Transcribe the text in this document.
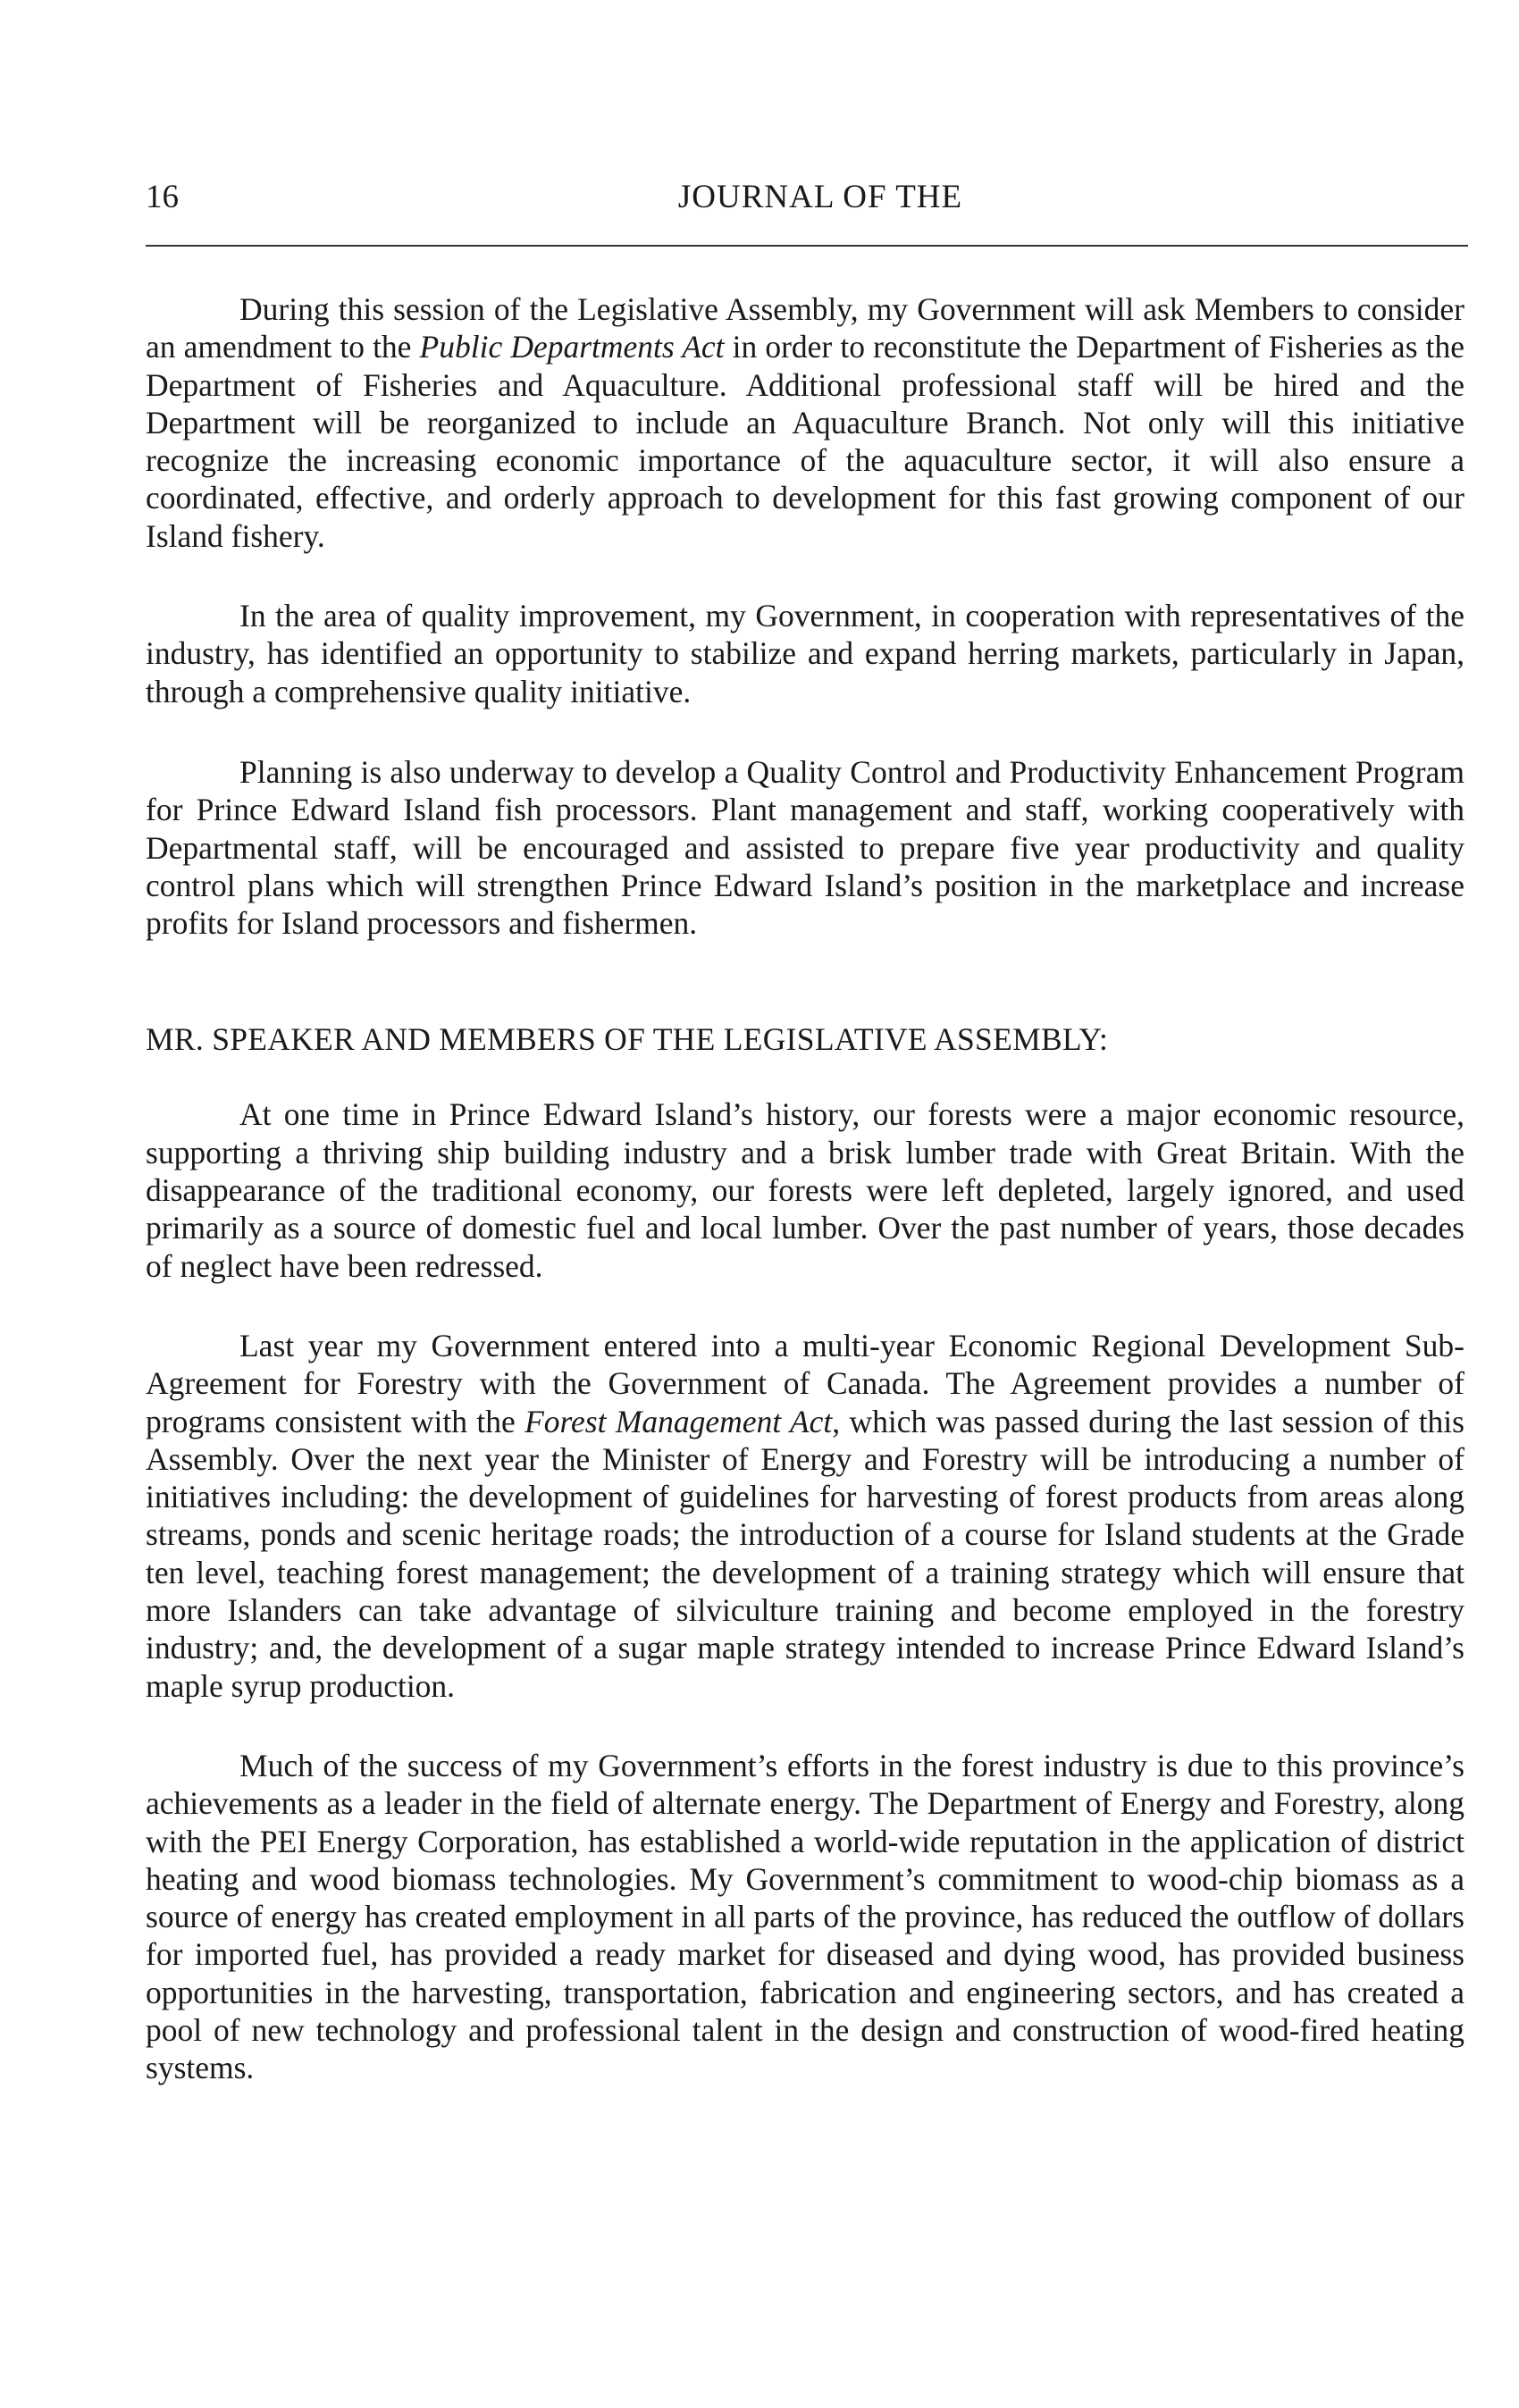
16	JOURNAL OF THE

During this session of the Legislative Assembly, my Government will ask Members to consider an amendment to the Public Departments Act in order to reconstitute the Department of Fisheries as the Department of Fisheries and Aquaculture. Additional professional staff will be hired and the Department will be reorganized to include an Aquaculture Branch. Not only will this initiative recognize the increasing economic importance of the aquaculture sector, it will also ensure a coordinated, effective, and orderly approach to development for this fast growing component of our Island fishery.

In the area of quality improvement, my Government, in cooperation with representatives of the industry, has identified an opportunity to stabilize and expand herring markets, particularly in Japan, through a comprehensive quality initiative.

Planning is also underway to develop a Quality Control and Productivity Enhancement Program for Prince Edward Island fish processors. Plant management and staff, working cooperatively with Departmental staff, will be encouraged and assisted to prepare five year productivity and quality control plans which will strengthen Prince Edward Island’s position in the marketplace and increase profits for Island processors and fishermen.

MR. SPEAKER AND MEMBERS OF THE LEGISLATIVE ASSEMBLY:

At one time in Prince Edward Island’s history, our forests were a major economic resource, supporting a thriving ship building industry and a brisk lumber trade with Great Britain. With the disappearance of the traditional economy, our forests were left depleted, largely ignored, and used primarily as a source of domestic fuel and local lumber. Over the past number of years, those decades of neglect have been redressed.

Last year my Government entered into a multi-year Economic Regional Development Sub-Agreement for Forestry with the Government of Canada. The Agreement provides a number of programs consistent with the Forest Management Act, which was passed during the last session of this Assembly. Over the next year the Minister of Energy and Forestry will be introducing a number of initiatives including: the development of guidelines for harvesting of forest products from areas along streams, ponds and scenic heritage roads; the introduction of a course for Island students at the Grade ten level, teaching forest management; the development of a training strategy which will ensure that more Islanders can take advantage of silviculture training and become employed in the forestry industry; and, the development of a sugar maple strategy intended to increase Prince Edward Island’s maple syrup production.

Much of the success of my Government’s efforts in the forest industry is due to this province’s achievements as a leader in the field of alternate energy. The Department of Energy and Forestry, along with the PEI Energy Corporation, has established a world-wide reputation in the application of district heating and wood biomass technologies. My Government’s commitment to wood-chip biomass as a source of energy has created employment in all parts of the province, has reduced the outflow of dollars for imported fuel, has provided a ready market for diseased and dying wood, has provided business opportunities in the harvesting, transportation, fabrication and engineering sectors, and has created a pool of new technology and professional talent in the design and construction of wood-fired heating systems.
